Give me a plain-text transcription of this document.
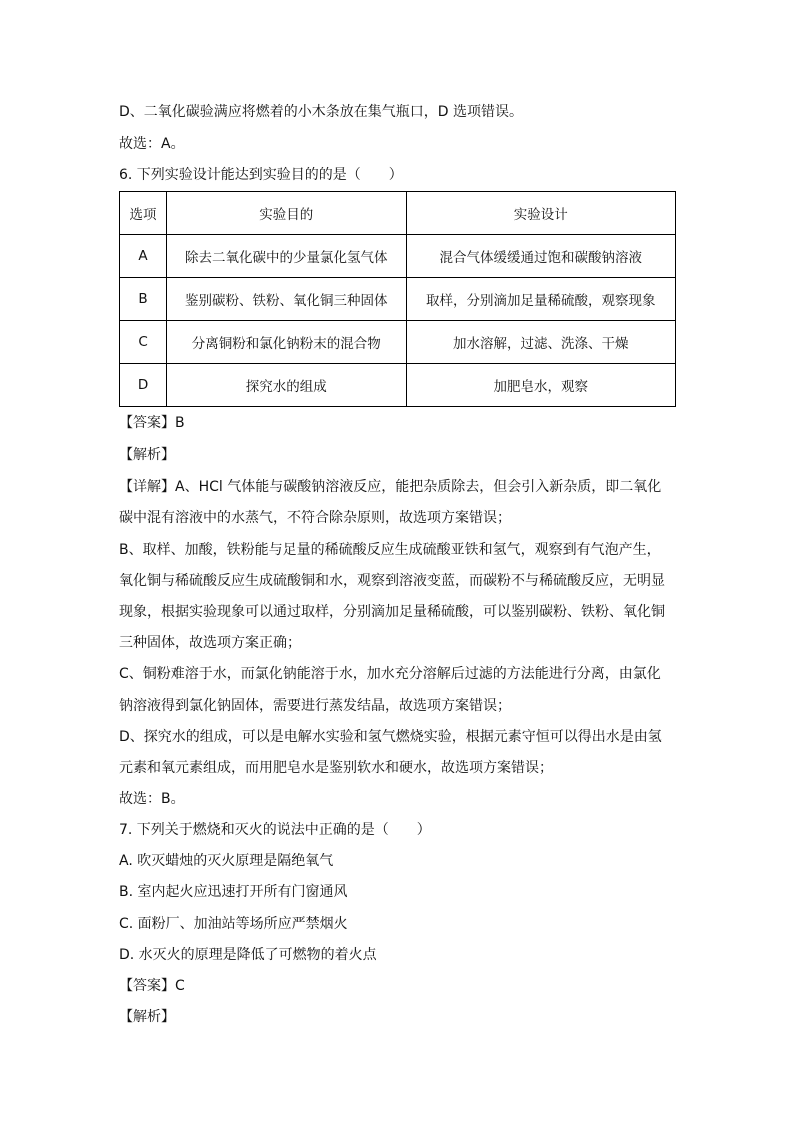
D、二氧化碳验满应将燃着的小木条放在集气瓶口，D 选项错误。
故选：A。
6. 下列实验设计能达到实验目的的是（　　）
选项	实验目的	实验设计
A	除去二氧化碳中的少量氯化氢气体	混合气体缓缓通过饱和碳酸钠溶液
B	鉴别碳粉、铁粉、氧化铜三种固体	取样，分别滴加足量稀硫酸，观察现象
C	分离铜粉和氯化钠粉末的混合物	加水溶解，过滤、洗涤、干燥
D	探究水的组成	加肥皂水，观察
【答案】B
【解析】
【详解】A、HCl 气体能与碳酸钠溶液反应，能把杂质除去，但会引入新杂质，即二氧化
碳中混有溶液中的水蒸气，不符合除杂原则，故选项方案错误；
B、取样、加酸，铁粉能与足量的稀硫酸反应生成硫酸亚铁和氢气，观察到有气泡产生，
氧化铜与稀硫酸反应生成硫酸铜和水，观察到溶液变蓝，而碳粉不与稀硫酸反应，无明显
现象，根据实验现象可以通过取样，分别滴加足量稀硫酸，可以鉴别碳粉、铁粉、氧化铜
三种固体，故选项方案正确；
C、铜粉难溶于水，而氯化钠能溶于水，加水充分溶解后过滤的方法能进行分离，由氯化
钠溶液得到氯化钠固体，需要进行蒸发结晶，故选项方案错误；
D、探究水的组成，可以是电解水实验和氢气燃烧实验，根据元素守恒可以得出水是由氢
元素和氧元素组成，而用肥皂水是鉴别软水和硬水，故选项方案错误；
故选：B。
7. 下列关于燃烧和灭火的说法中正确的是（　　）
A. 吹灭蜡烛的灭火原理是隔绝氧气
B. 室内起火应迅速打开所有门窗通风
C. 面粉厂、加油站等场所应严禁烟火
D. 水灭火的原理是降低了可燃物的着火点
【答案】C
【解析】
